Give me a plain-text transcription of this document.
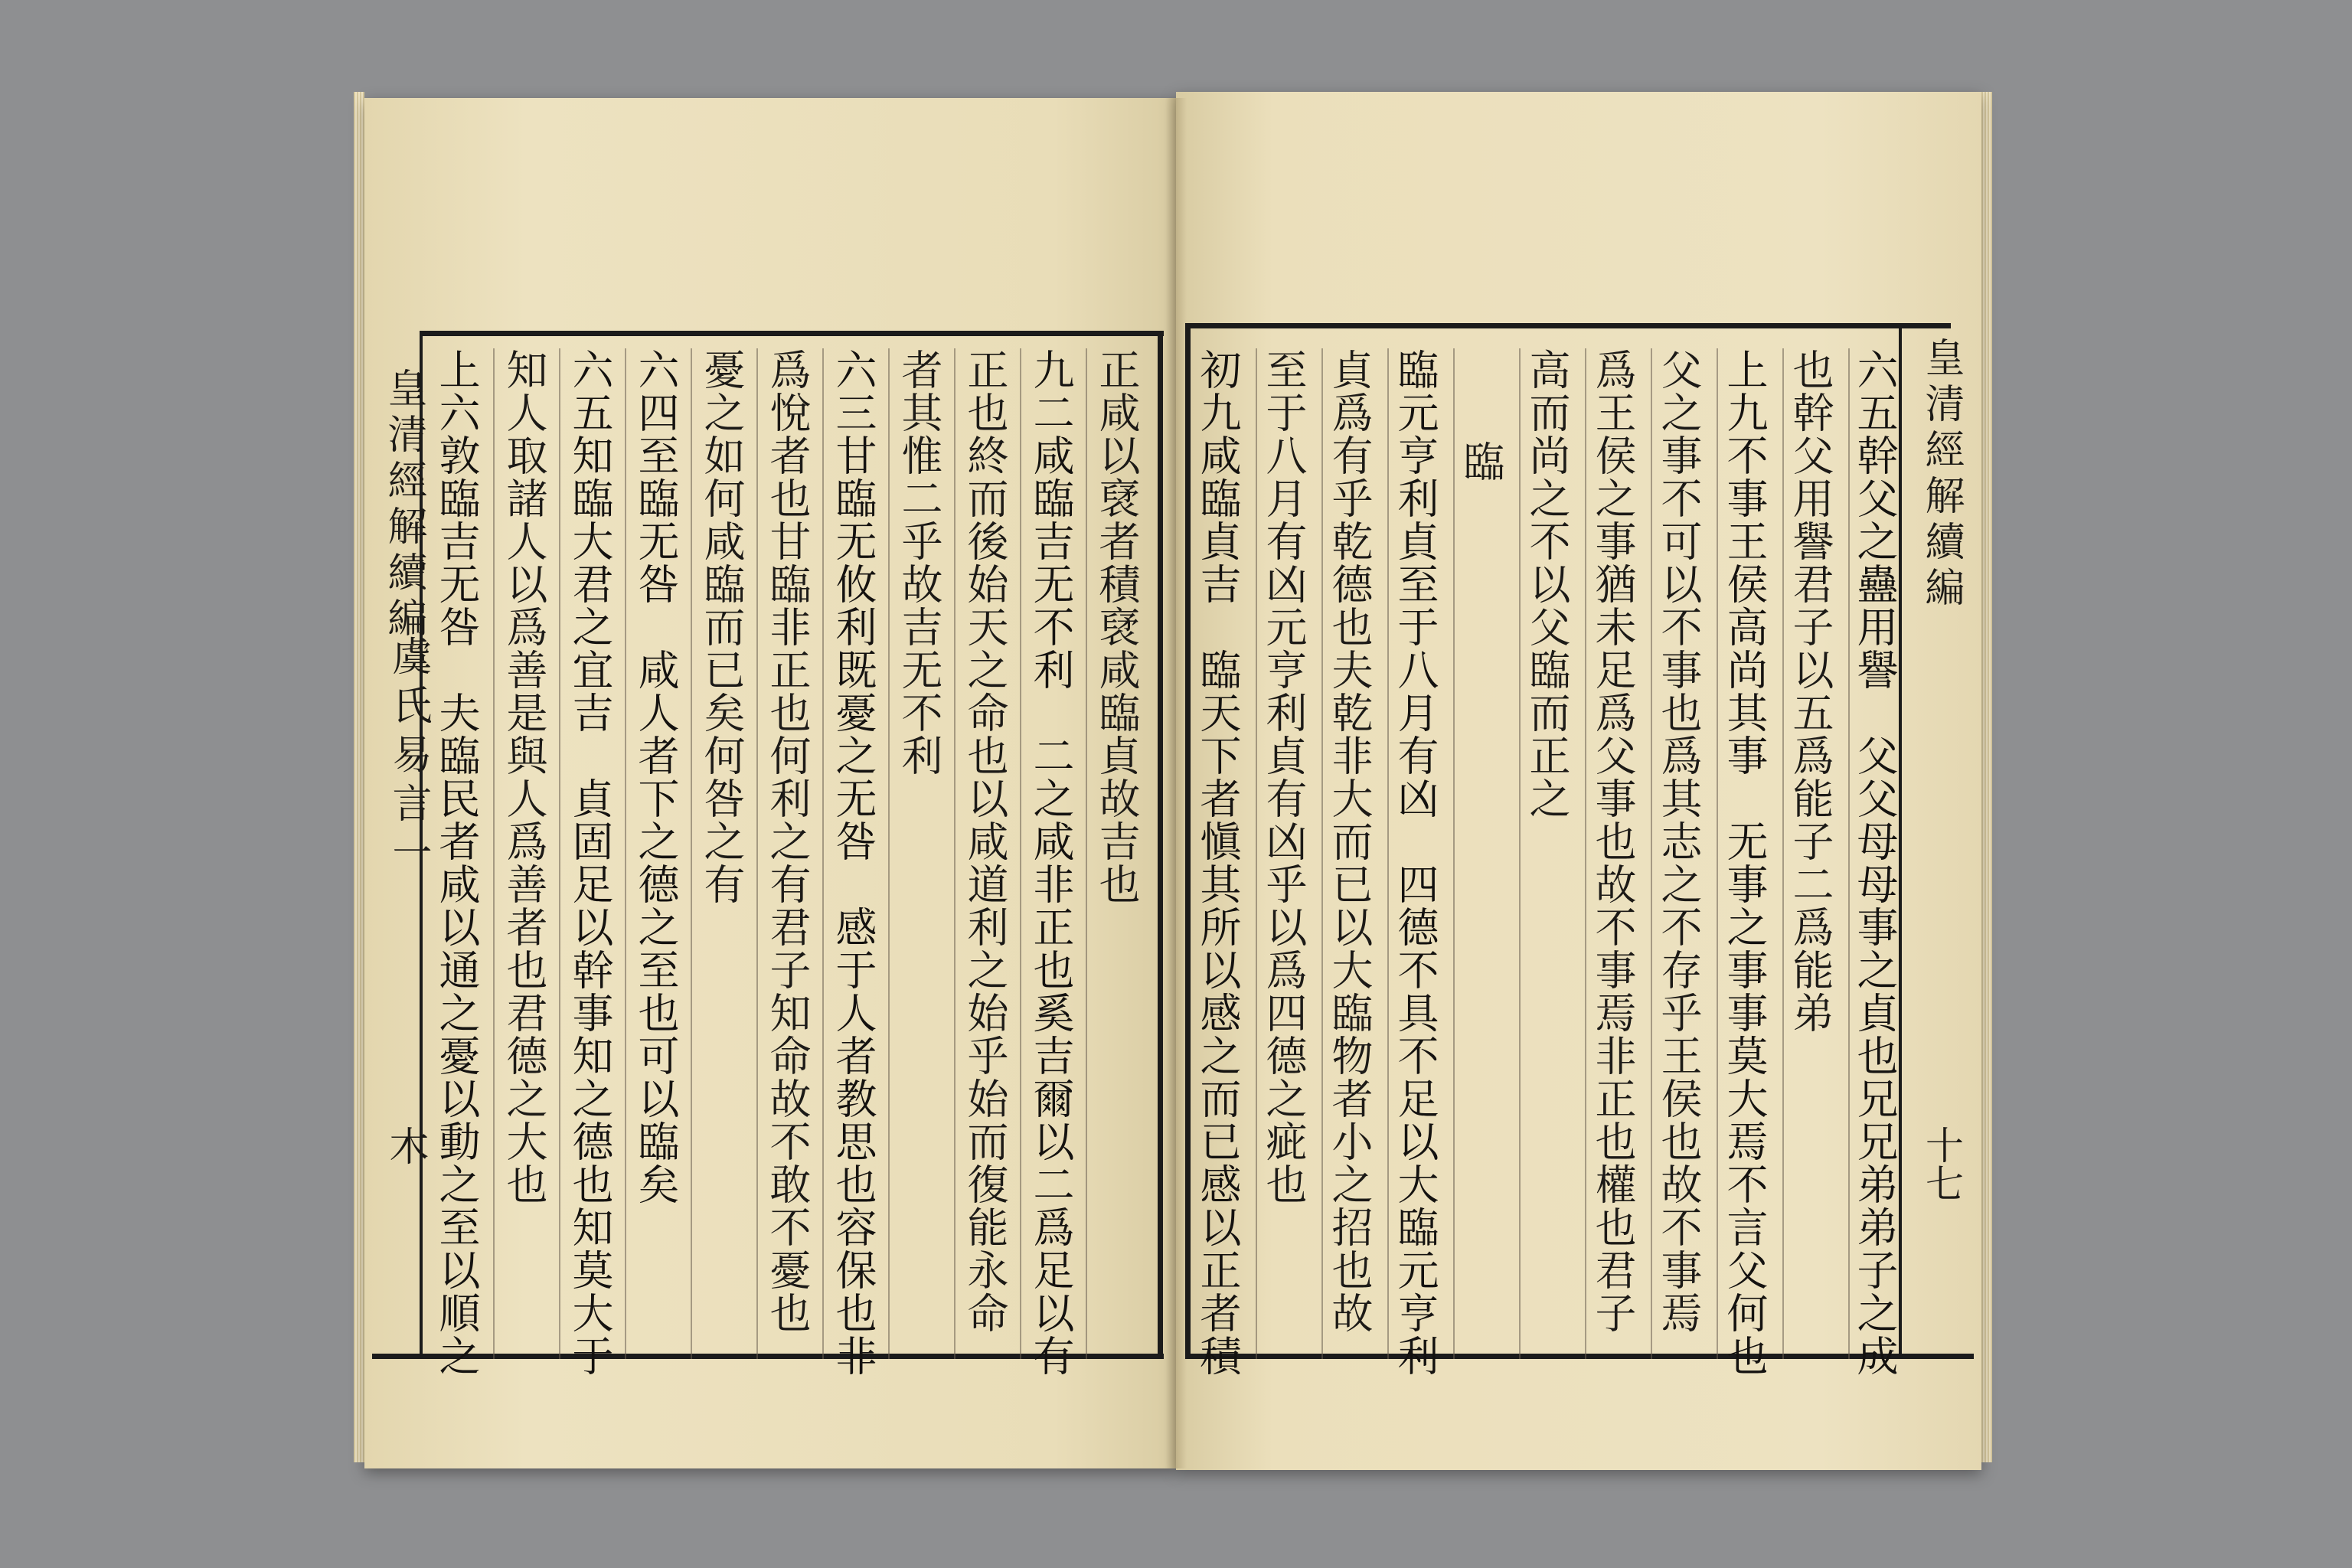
皇清經解續編
虞氏易言一
木
皇清經解續編
十七
上六敦臨吉无咎　夫臨民者咸以通之憂以動之至以順之 知人取諸人以爲善是與人爲善者也君德之大也 六五知臨大君之宜吉　貞固足以幹事知之德也知莫大于 六四至臨无咎　咸人者下之德之至也可以臨矣 憂之如何咸臨而已矣何咎之有 爲悅者也甘臨非正也何利之有君子知命故不敢不憂也 六三甘臨无攸利既憂之无咎　感于人者教思也容保也非 者其惟二乎故吉无不利 正也終而後始天之命也以咸道利之始乎始而復能永命 九二咸臨吉无不利　二之咸非正也奚吉爾以二爲足以有 正咸以裦者積裦咸臨貞故吉也	六五幹父之蠱用譽　父父母母事之貞也兄兄弟弟子之成
也幹父用譽君子以五爲能子二爲能弟
上九不事王侯高尚其事　无事之事事莫大焉不言父何也
父之事不可以不事也爲其志之不存乎王侯也故不事焉
爲王侯之事猶未足爲父事也故不事焉非正也權也君子
高而尚之不以父臨而正之
臨
臨元亨利貞至于八月有凶　四德不具不足以大臨元亨利
貞爲有乎乾德也夫乾非大而已以大臨物者小之招也故
至于八月有凶元亨利貞有凶乎以爲四德之疵也
初九咸臨貞吉　臨天下者愼其所以感之而已感以正者積
